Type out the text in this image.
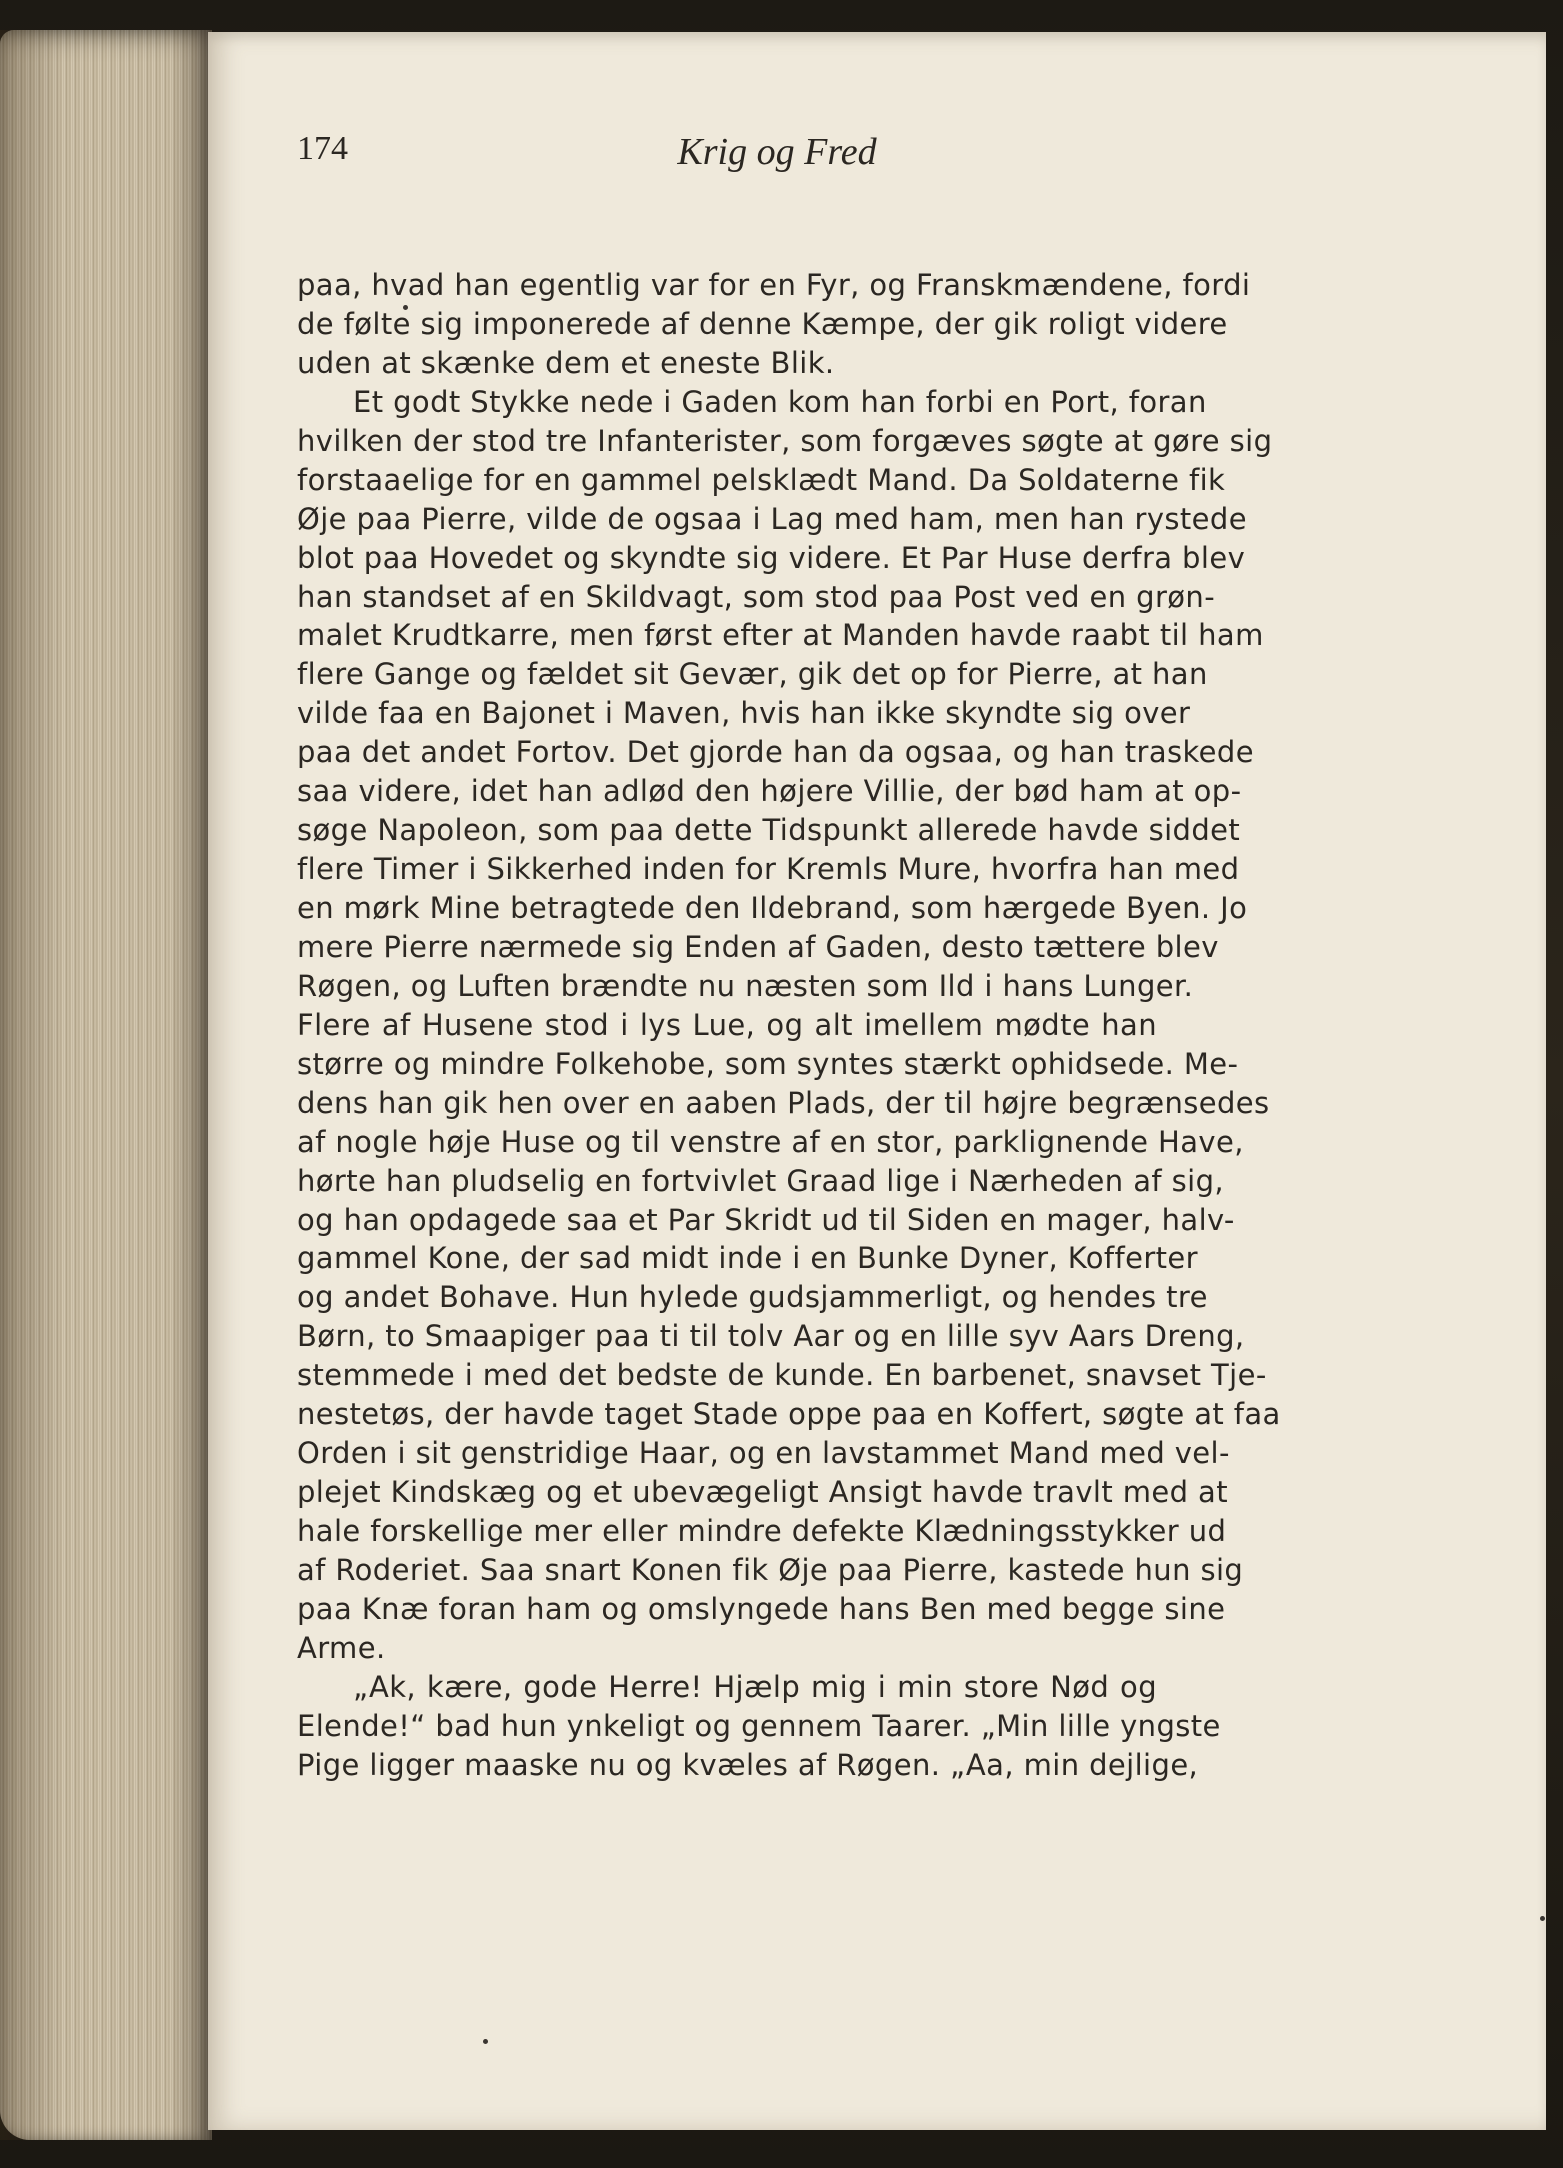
174	Krig og Fred
paa, hvad han egentlig var for en Fyr, og Franskmændene, fordi
de følte sig imponerede af denne Kæmpe, der gik roligt videre
uden at skænke dem et eneste Blik.
Et godt Stykke nede i Gaden kom han forbi en Port, foran
hvilken der stod tre Infanterister, som forgæves søgte at gøre sig
forstaaelige for en gammel pelsklædt Mand. Da Soldaterne fik
Øje paa Pierre, vilde de ogsaa i Lag med ham, men han rystede
blot paa Hovedet og skyndte sig videre. Et Par Huse derfra blev
han standset af en Skildvagt, som stod paa Post ved en grøn-
malet Krudtkarre, men først efter at Manden havde raabt til ham
flere Gange og fældet sit Gevær, gik det op for Pierre, at han
vilde faa en Bajonet i Maven, hvis han ikke skyndte sig over
paa det andet Fortov. Det gjorde han da ogsaa, og han traskede
saa videre, idet han adlød den højere Villie, der bød ham at op-
søge Napoleon, som paa dette Tidspunkt allerede havde siddet
flere Timer i Sikkerhed inden for Kremls Mure, hvorfra han med
en mørk Mine betragtede den Ildebrand, som hærgede Byen. Jo
mere Pierre nærmede sig Enden af Gaden, desto tættere blev
Røgen, og Luften brændte nu næsten som Ild i hans Lunger.
Flere af Husene stod i lys Lue, og alt imellem mødte han
større og mindre Folkehobe, som syntes stærkt ophidsede. Me-
dens han gik hen over en aaben Plads, der til højre begrænsedes
af nogle høje Huse og til venstre af en stor, parklignende Have,
hørte han pludselig en fortvivlet Graad lige i Nærheden af sig,
og han opdagede saa et Par Skridt ud til Siden en mager, halv-
gammel Kone, der sad midt inde i en Bunke Dyner, Kofferter
og andet Bohave. Hun hylede gudsjammerligt, og hendes tre
Børn, to Smaapiger paa ti til tolv Aar og en lille syv Aars Dreng,
stemmede i med det bedste de kunde. En barbenet, snavset Tje-
nestetøs, der havde taget Stade oppe paa en Koffert, søgte at faa
Orden i sit genstridige Haar, og en lavstammet Mand med vel-
plejet Kindskæg og et ubevægeligt Ansigt havde travlt med at
hale forskellige mer eller mindre defekte Klædningsstykker ud
af Roderiet. Saa snart Konen fik Øje paa Pierre, kastede hun sig
paa Knæ foran ham og omslyngede hans Ben med begge sine
Arme.
„Ak, kære, gode Herre! Hjælp mig i min store Nød og
Elende!“ bad hun ynkeligt og gennem Taarer. „Min lille yngste
Pige ligger maaske nu og kvæles af Røgen. „Aa, min dejlige,
